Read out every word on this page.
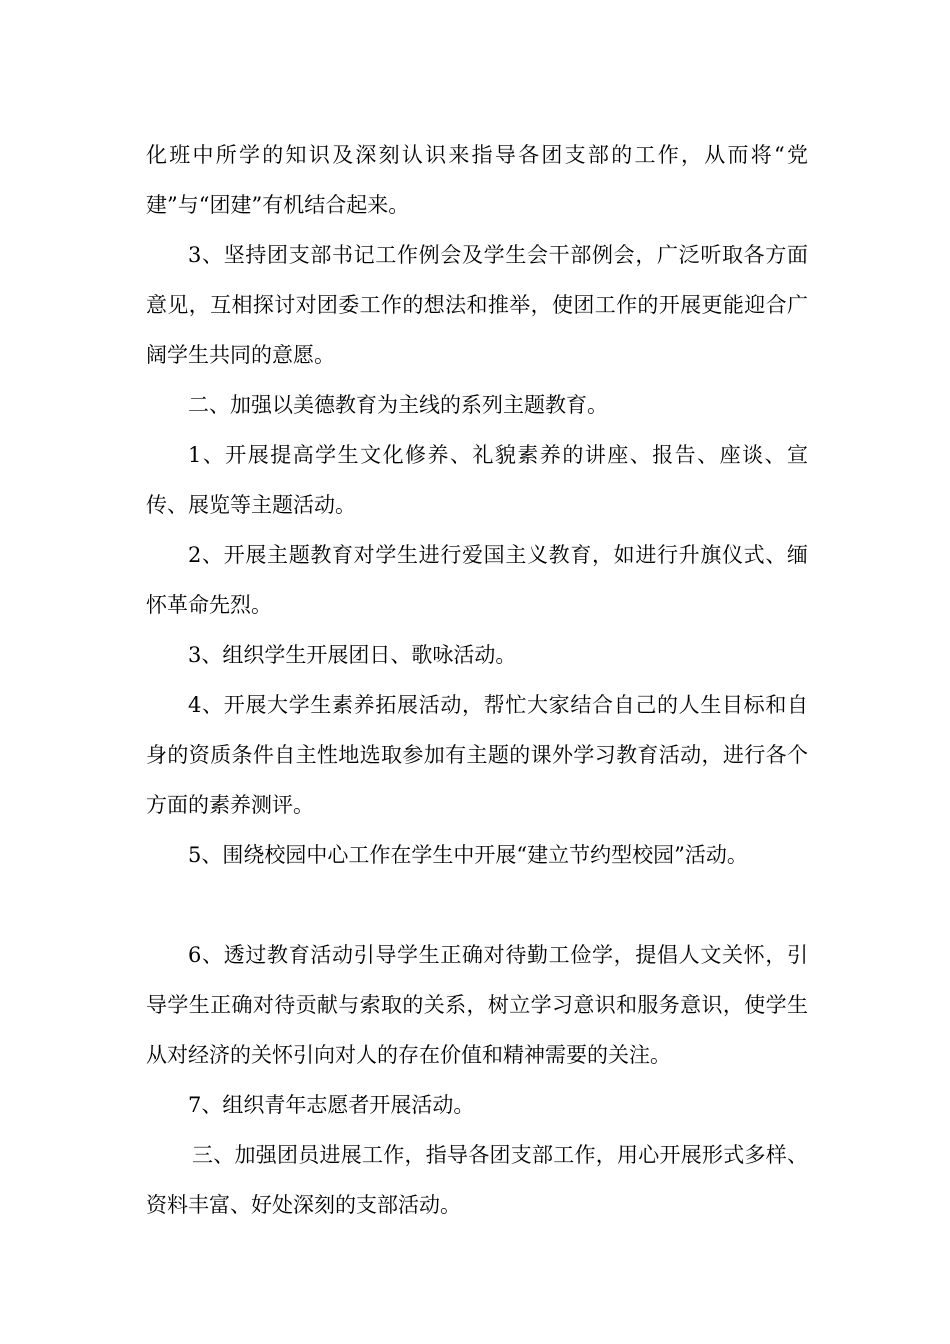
化班中所学的知识及深刻认识来指导各团支部的工作，从而将“党建”与“团建”有机结合起来。

3、坚持团支部书记工作例会及学生会干部例会，广泛听取各方面意见，互相探讨对团委工作的想法和推举，使团工作的开展更能迎合广阔学生共同的意愿。

二、加强以美德教育为主线的系列主题教育。

1、开展提高学生文化修养、礼貌素养的讲座、报告、座谈、宣传、展览等主题活动。

2、开展主题教育对学生进行爱国主义教育，如进行升旗仪式、缅怀革命先烈。

3、组织学生开展团日、歌咏活动。

4、开展大学生素养拓展活动，帮忙大家结合自己的人生目标和自身的资质条件自主性地选取参加有主题的课外学习教育活动，进行各个方面的素养测评。

5、围绕校园中心工作在学生中开展“建立节约型校园”活动。

6、透过教育活动引导学生正确对待勤工俭学，提倡人文关怀，引导学生正确对待贡献与索取的关系，树立学习意识和服务意识，使学生从对经济的关怀引向对人的存在价值和精神需要的关注。

7、组织青年志愿者开展活动。

三、加强团员进展工作，指导各团支部工作，用心开展形式多样、资料丰富、好处深刻的支部活动。
